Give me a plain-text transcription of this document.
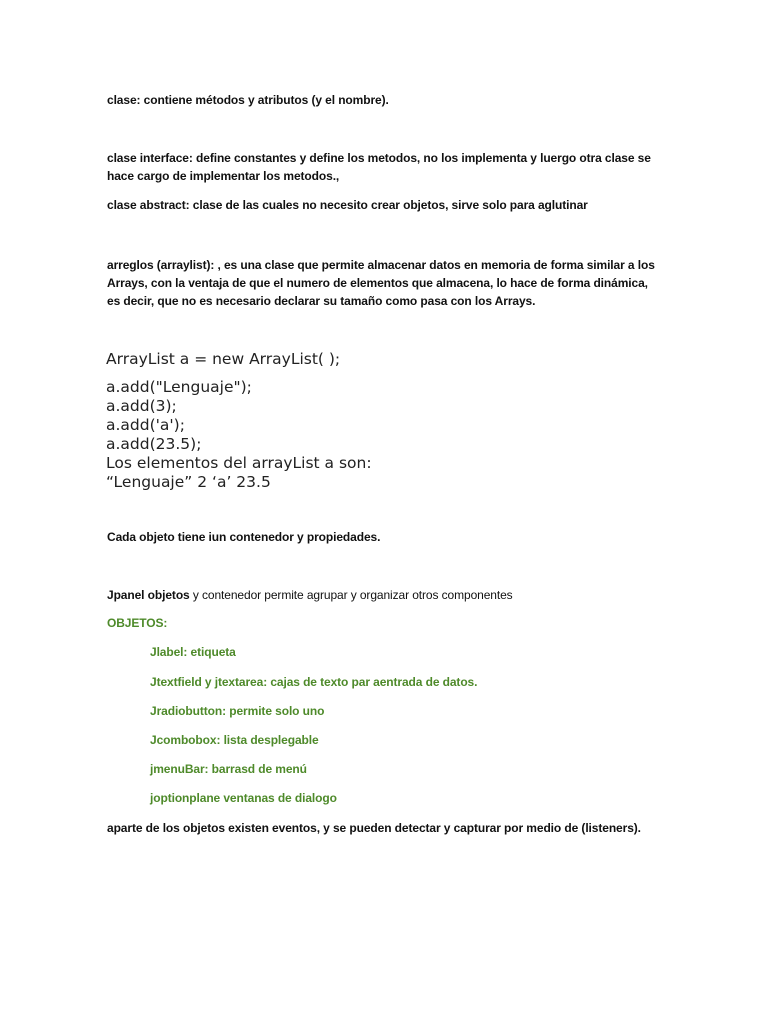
clase: contiene métodos y atributos (y el nombre).
clase interface: define constantes y define los metodos, no los implementa y luergo otra clase se
hace cargo de implementar los metodos.,
clase abstract: clase de las cuales no necesito crear objetos, sirve solo para aglutinar
arreglos (arraylist): , es una clase que permite almacenar datos en memoria de forma similar a los
Arrays, con la ventaja de que el numero de elementos que almacena, lo hace de forma dinámica,
es decir, que no es necesario declarar su tamaño como pasa con los Arrays.
ArrayList a = new ArrayList( );
a.add("Lenguaje");
a.add(3);
a.add('a');
a.add(23.5);
Los elementos del arrayList a son:
“Lenguaje” 2 ‘a’ 23.5
Cada objeto tiene iun contenedor y propiedades.
Jpanel objetos y contenedor permite agrupar y organizar otros componentes
OBJETOS:
Jlabel: etiqueta
Jtextfield y jtextarea: cajas de texto par aentrada de datos.
Jradiobutton: permite solo uno
Jcombobox: lista desplegable
jmenuBar: barrasd de menú
joptionplane ventanas de dialogo
aparte de los objetos existen eventos, y se pueden detectar y capturar por medio de (listeners).
